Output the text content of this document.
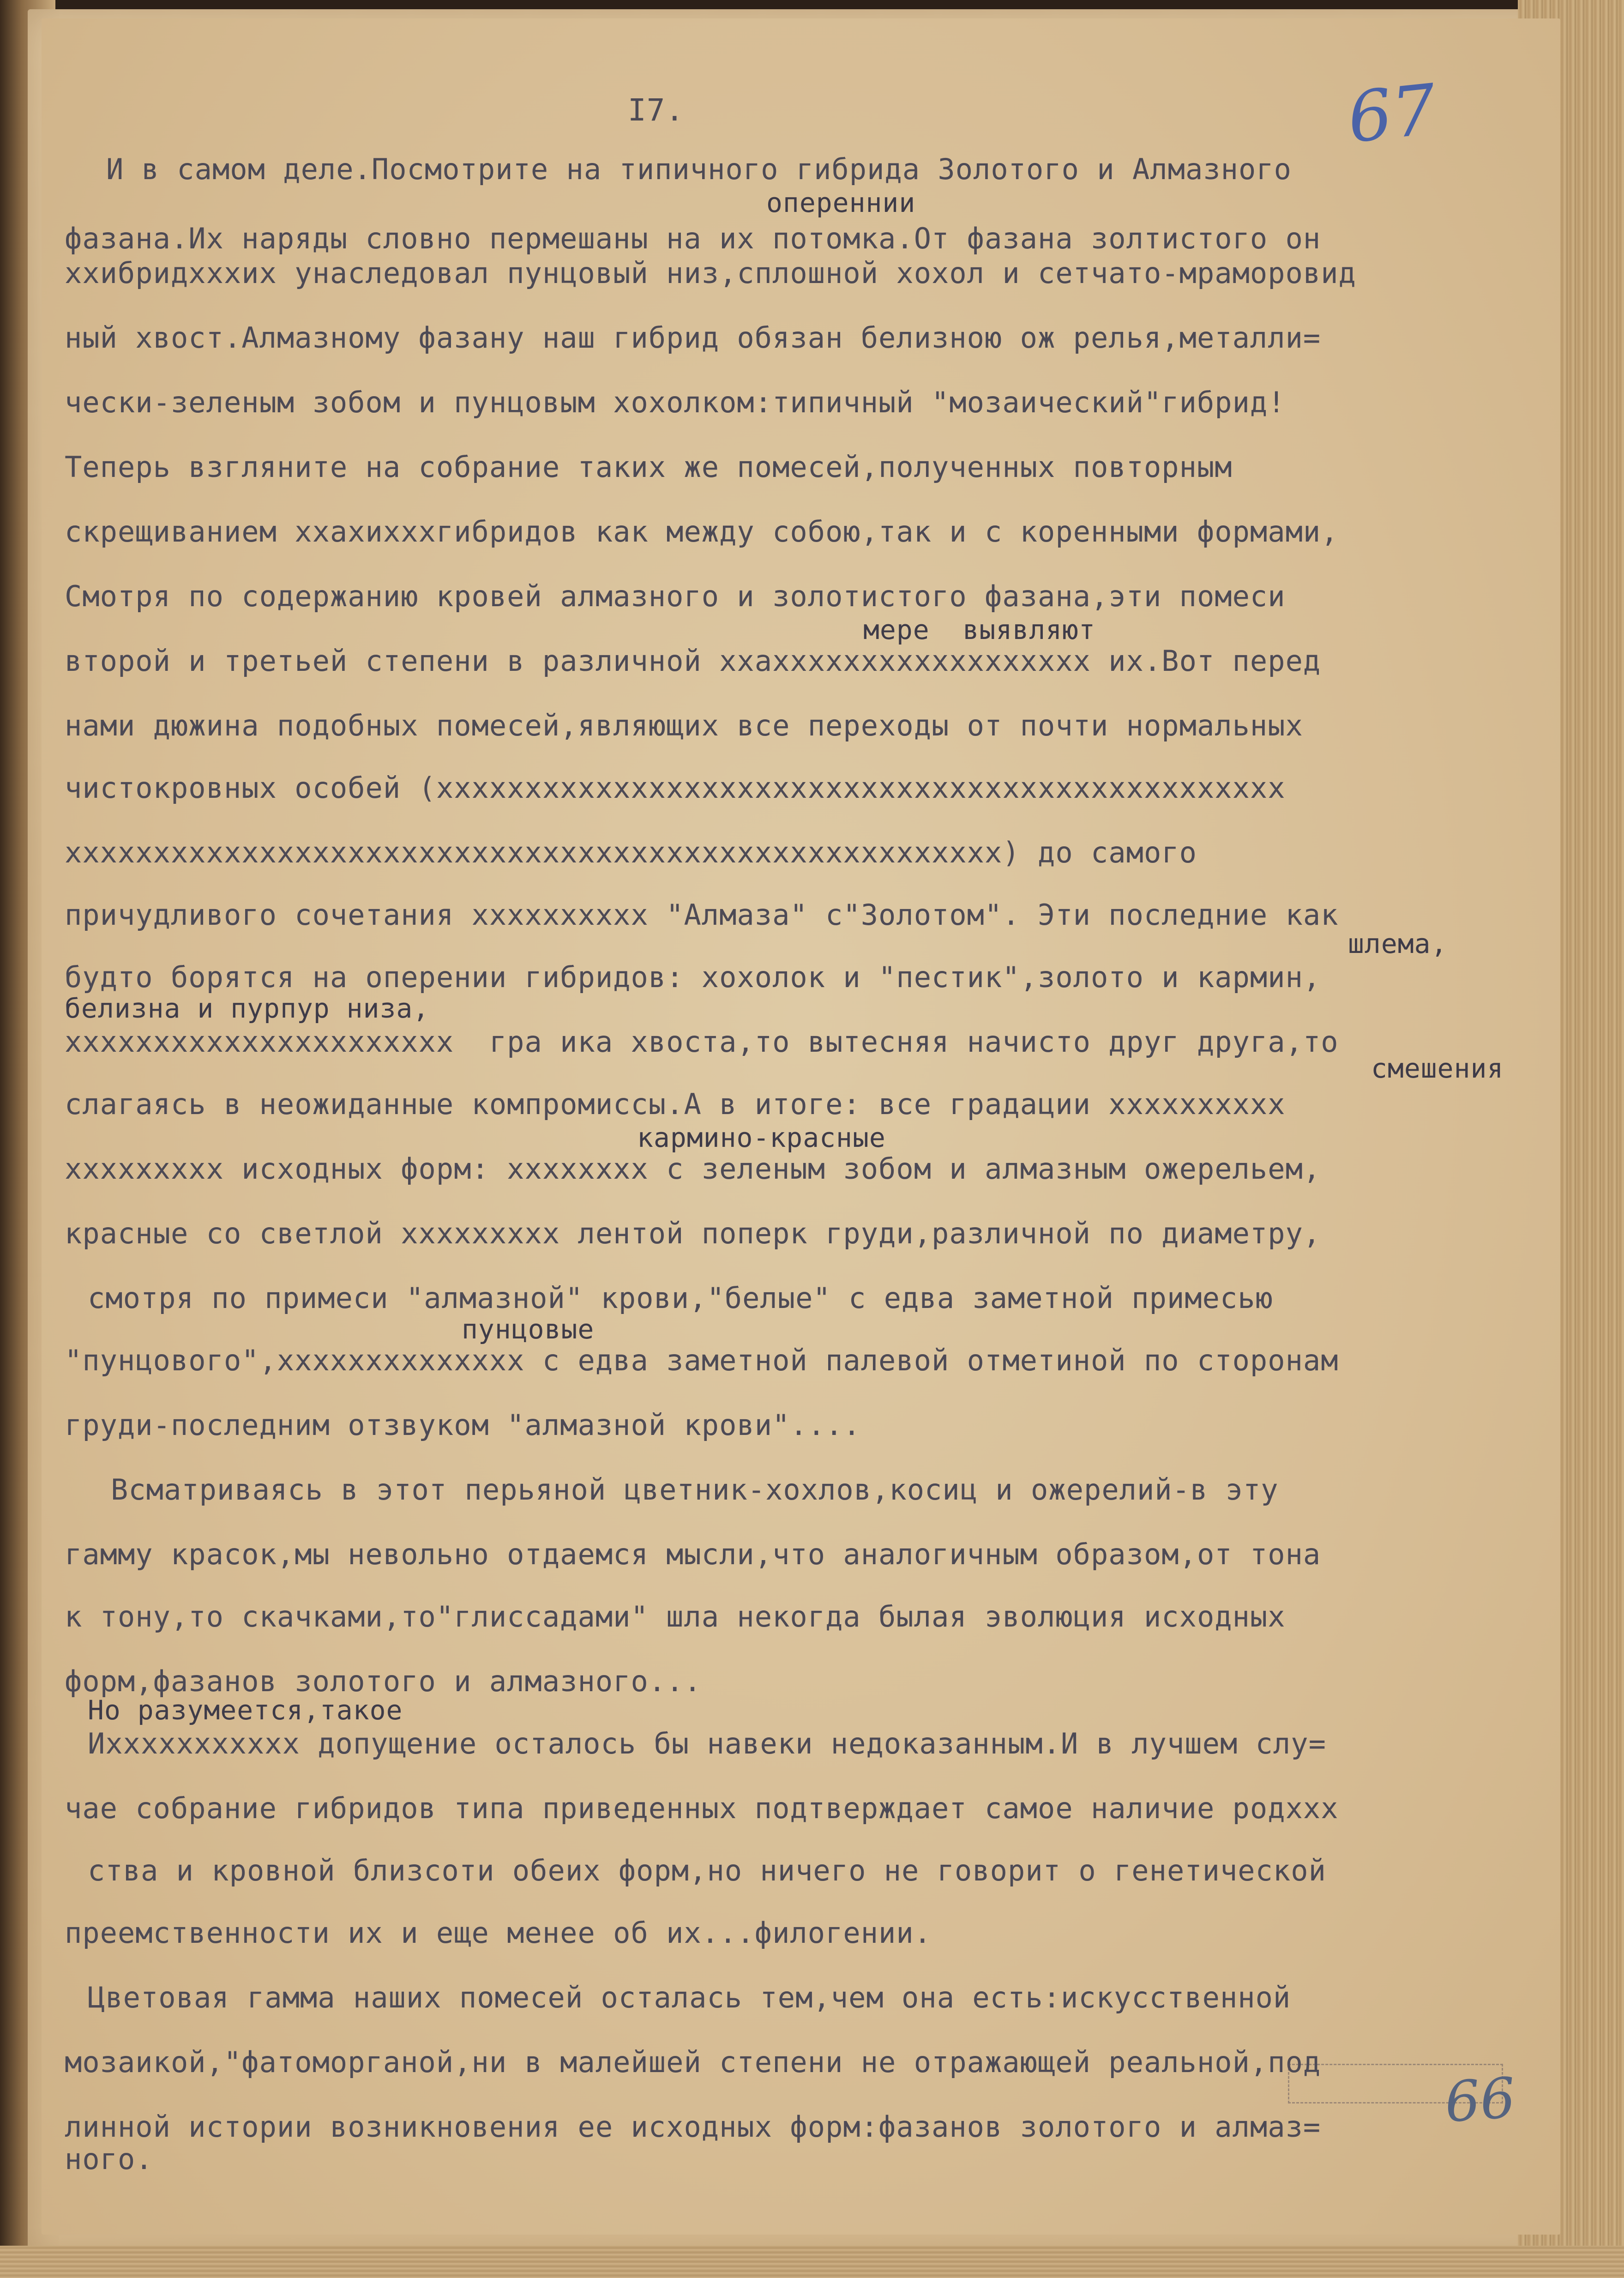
67
I7.
И в самом деле.Посмотрите на типичного гибрида Золотого и Алмазного
опереннии
фазана.Их наряды словно пермешаны на их потомка.От фазана золтистого он
xхибридхxхих унаследовал пунцовый низ,сплошной хохол и сетчато-мраморовид
ный хвост.Алмазному фазану наш гибрид обязан белизною ож релья,металли=
чески-зеленым зобом и пунцовым хохолком:типичный "мозаический"гибрид!
Теперь взгляните на собрание таких же помесей,полученных повторным
скрещиванием xхахихххгибридов как между собою,так и с коренными формами,
Смотря по содержанию кровей алмазного и золотистого фазана,эти помеси
мере  выявляют
второй и третьей степени в различной xхахххххххххххххххххх их.Вот перед
нами дюжина подобных помесей,являющих все переходы от почти нормальных
чистокровных особей (xxxxxxxxxxxxxxxxxxxxxxxxxxxxxxxxxxxxxxxxxxxxxxxx
xxxxxxxxxxxxxxxxxxxxxxxxxxxxxxxxxxxxxxxxxxxxxxxxxxxxx) до самого
причудливого сочетания хxxxxxxxxx "Алмаза" с"Золотом". Эти последние как
шлема,
будто борятся на оперении гибридов: хохолок и "пестик",золото и кармин,
белизна и пурпур низа,
xxxxxxxxxxxxxxxxxxxxxx  гра ика хвоста,то вытесняя начисто друг друга,то
смешения
слагаясь в неожиданные компромиссы.А в итоге: все градации xxxxxxxxxx
кармино-красные
xxxxxxxxx исходных форм: xxxxxxxx с зеленым зобом и алмазным ожерельем,
красные со светлой xxxxxxxxx лентой поперк груди,различной по диаметру,
смотря по примеси "алмазной" крови,"белые" с едва заметной примесью
пунцовые
"пунцового",xxxxxxxxxxxxxx с едва заметной палевой отметиной по сторонам
груди-последним отзвуком "алмазной крови"....
Всматриваясь в этот перьяной цветник-хохлов,косиц и ожерелий-в эту
гамму красок,мы невольно отдаемся мысли,что аналогичным образом,от тона
к тону,то скачками,то"глиссадами" шла некогда былая эволюция исходных
форм,фазанов золотого и алмазного...
Но разумеется,такое
Ихxxxxxxxxxx допущение осталось бы навеки недоказанным.И в лучшем слу=
чае собрание гибридов типа приведенных подтверждает самое наличие родxxx
ства и кровной близсоти обеих форм,но ничего не говорит о генетической
преемственности их и еще менее об их...филогении.
Цветовая гамма наших помесей осталась тем,чем она есть:искусственной
мозаикой,"фатоморганой,ни в малейшей степени не отражающей реальной,под
линной истории возникновения ее исходных форм:фазанов золотого и алмаз=
ного.
66
